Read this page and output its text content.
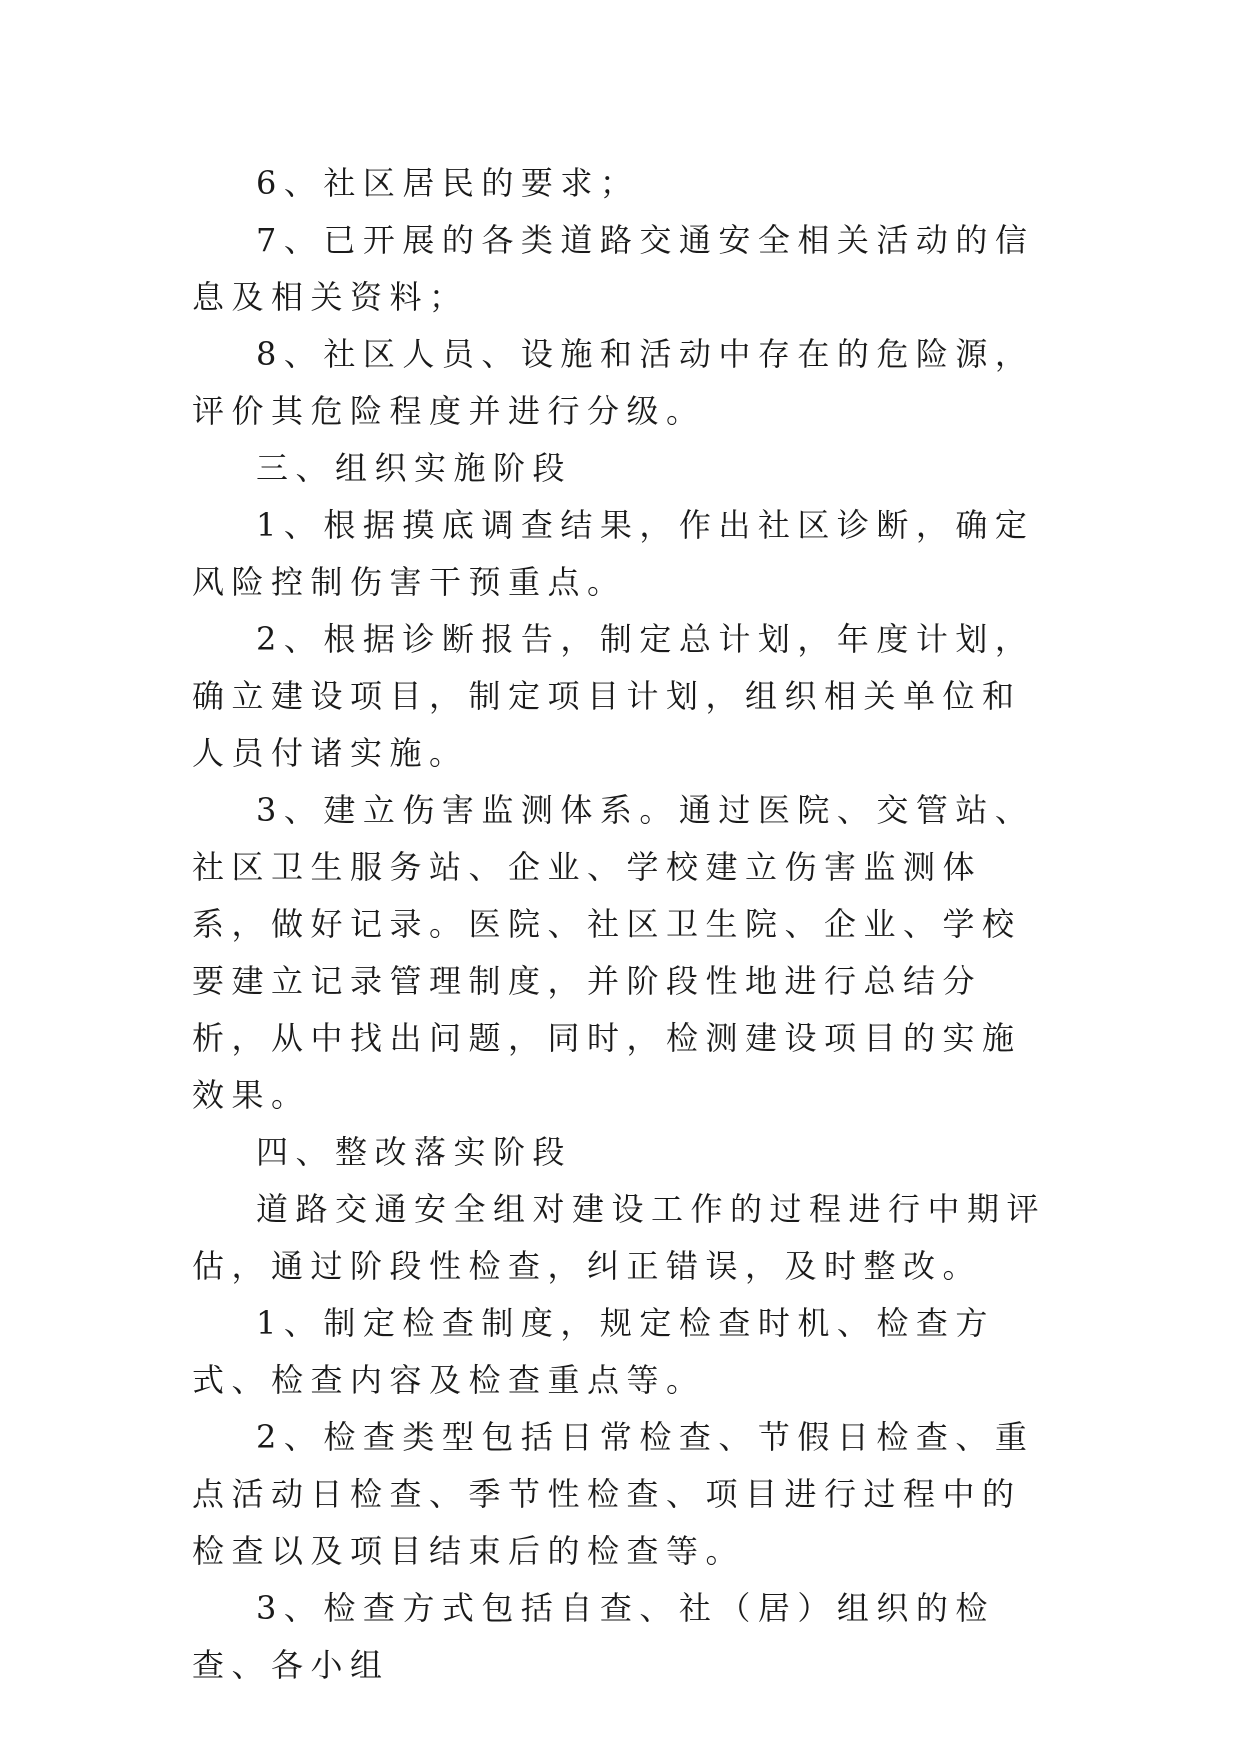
6、社区居民的要求；

7、已开展的各类道路交通安全相关活动的信息及相关资料；

8、社区人员、设施和活动中存在的危险源，评价其危险程度并进行分级。

三、组织实施阶段

1、根据摸底调查结果，作出社区诊断，确定风险控制伤害干预重点。

2、根据诊断报告，制定总计划，年度计划，确立建设项目，制定项目计划，组织相关单位和人员付诸实施。

3、建立伤害监测体系。通过医院、交管站、社区卫生服务站、企业、学校建立伤害监测体系，做好记录。医院、社区卫生院、企业、学校要建立记录管理制度，并阶段性地进行总结分析，从中找出问题，同时，检测建设项目的实施效果。

四、整改落实阶段

道路交通安全组对建设工作的过程进行中期评估，通过阶段性检查，纠正错误，及时整改。

1、制定检查制度，规定检查时机、检查方式、检查内容及检查重点等。

2、检查类型包括日常检查、节假日检查、重点活动日检查、季节性检查、项目进行过程中的检查以及项目结束后的检查等。

3、检查方式包括自查、社（居）组织的检查、各小组
